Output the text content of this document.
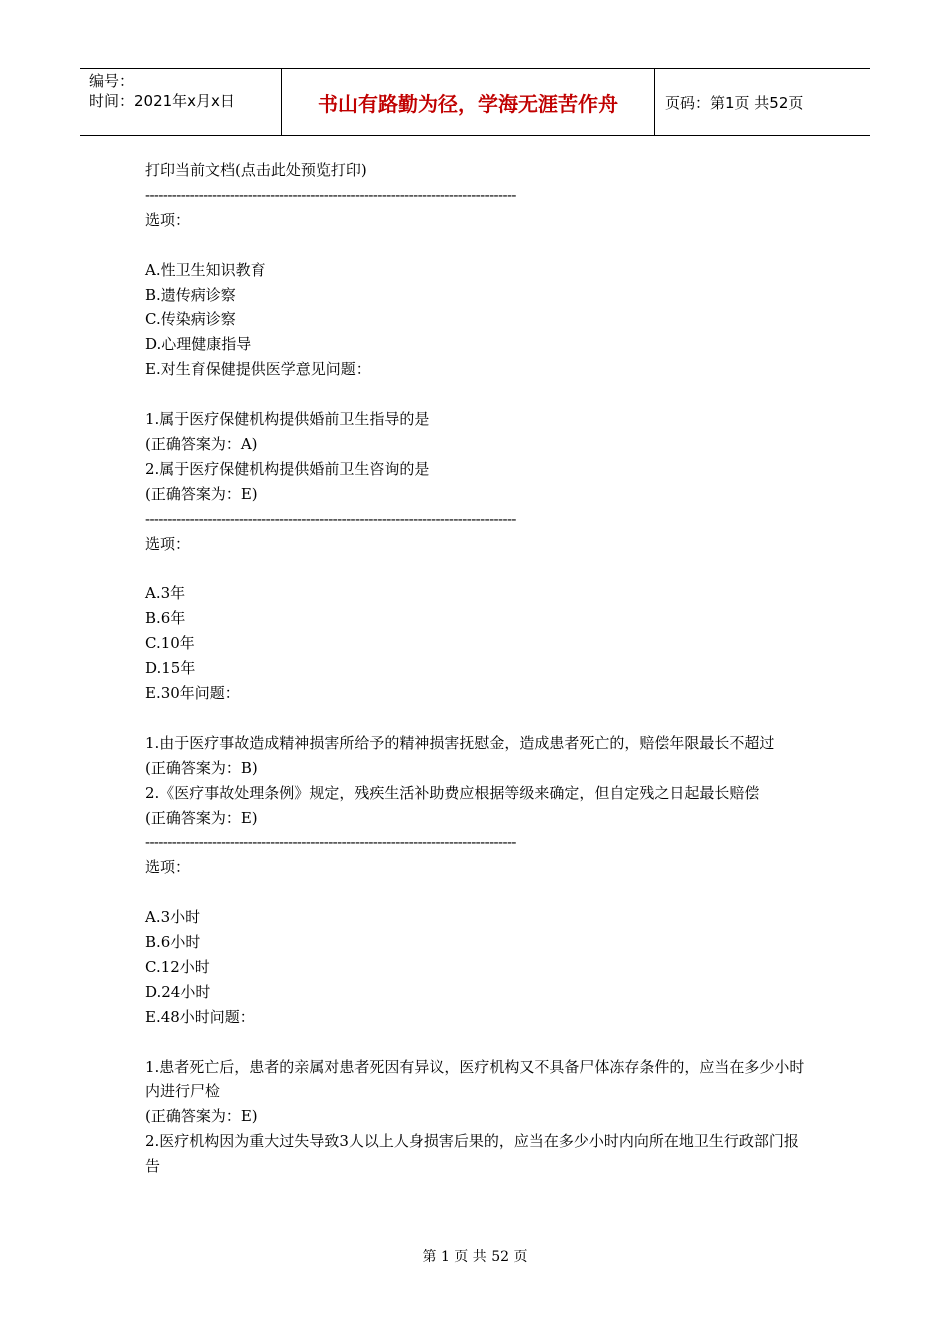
编号：
时间：2021年x月x日	书山有路勤为径，学海无涯苦作舟	页码：第1页 共52页
打印当前文档(点击此处预览打印)
-----------------------------------------------------------------------------------
选项：
A.性卫生知识教育
B.遗传病诊察
C.传染病诊察
D.心理健康指导
E.对生育保健提供医学意见问题：
1.属于医疗保健机构提供婚前卫生指导的是
(正确答案为：A)
2.属于医疗保健机构提供婚前卫生咨询的是
(正确答案为：E)
-----------------------------------------------------------------------------------
选项：
A.3年
B.6年
C.10年
D.15年
E.30年问题：
1.由于医疗事故造成精神损害所给予的精神损害抚慰金，造成患者死亡的，赔偿年限最长不超过
(正确答案为：B)
2.《医疗事故处理条例》规定，残疾生活补助费应根据等级来确定，但自定残之日起最长赔偿
(正确答案为：E)
-----------------------------------------------------------------------------------
选项：
A.3小时
B.6小时
C.12小时
D.24小时
E.48小时问题：
1.患者死亡后，患者的亲属对患者死因有异议，医疗机构又不具备尸体冻存条件的，应当在多少小时内进行尸检
(正确答案为：E)
2.医疗机构因为重大过失导致3人以上人身损害后果的，应当在多少小时内向所在地卫生行政部门报告
第 1 页 共 52 页
